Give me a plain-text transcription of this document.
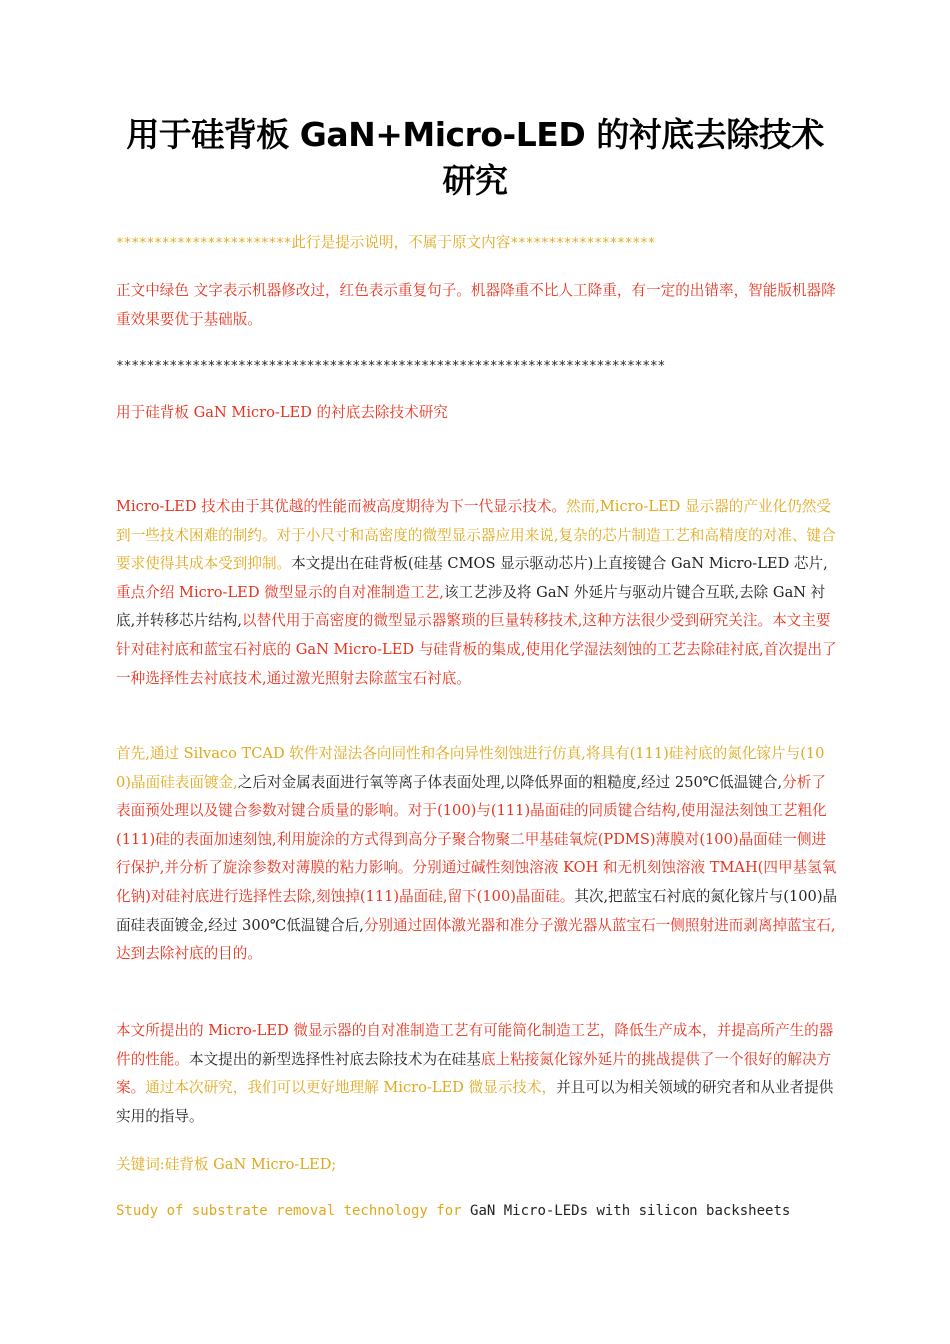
用于硅背板 GaN+Micro-LED 的衬底去除技术
研究

***********************此行是提示说明，不属于原文内容*******************

正文中绿色 文字表示机器修改过，红色表示重复句子。机器降重不比人工降重，有一定的出错率，智能版机器降重效果要优于基础版。

************************************************************************

用于硅背板 GaN Micro-LED 的衬底去除技术研究

Micro-LED 技术由于其优越的性能而被高度期待为下一代显示技术。然而,Micro-LED 显示器的产业化仍然受到一些技术困难的制约。对于小尺寸和高密度的微型显示器应用来说,复杂的芯片制造工艺和高精度的对准、键合要求使得其成本受到抑制。本文提出在硅背板(硅基 CMOS 显示驱动芯片)上直接键合 GaN Micro-LED 芯片,重点介绍 Micro-LED 微型显示的自对准制造工艺,该工艺涉及将 GaN 外延片与驱动片键合互联,去除 GaN 衬底,并转移芯片结构,以替代用于高密度的微型显示器繁琐的巨量转移技术,这种方法很少受到研究关注。本文主要针对硅衬底和蓝宝石衬底的 GaN Micro-LED 与硅背板的集成,使用化学湿法刻蚀的工艺去除硅衬底,首次提出了一种选择性去衬底技术,通过激光照射去除蓝宝石衬底。

首先,通过 Silvaco TCAD 软件对湿法各向同性和各向异性刻蚀进行仿真,将具有(111)硅衬底的氮化镓片与(100)晶面硅表面镀金,之后对金属表面进行氧等离子体表面处理,以降低界面的粗糙度,经过 250℃低温键合,分析了表面预处理以及键合参数对键合质量的影响。对于(100)与(111)晶面硅的同质键合结构,使用湿法刻蚀工艺粗化(111)硅的表面加速刻蚀,利用旋涂的方式得到高分子聚合物聚二甲基硅氧烷(PDMS)薄膜对(100)晶面硅一侧进行保护,并分析了旋涂参数对薄膜的粘力影响。分别通过碱性刻蚀溶液 KOH 和无机刻蚀溶液 TMAH(四甲基氢氧化钠)对硅衬底进行选择性去除,刻蚀掉(111)晶面硅,留下(100)晶面硅。其次,把蓝宝石衬底的氮化镓片与(100)晶面硅表面镀金,经过 300℃低温键合后,分别通过固体激光器和准分子激光器从蓝宝石一侧照射进而剥离掉蓝宝石,达到去除衬底的目的。

本文所提出的 Micro-LED 微显示器的自对准制造工艺有可能简化制造工艺，降低生产成本，并提高所产生的器件的性能。本文提出的新型选择性衬底去除技术为在硅基底上粘接氮化镓外延片的挑战提供了一个很好的解决方案。通过本次研究，我们可以更好地理解 Micro-LED 微显示技术，并且可以为相关领域的研究者和从业者提供实用的指导。

关键词:硅背板 GaN Micro-LED;

Study of substrate removal technology for GaN Micro-LEDs with silicon backsheets
